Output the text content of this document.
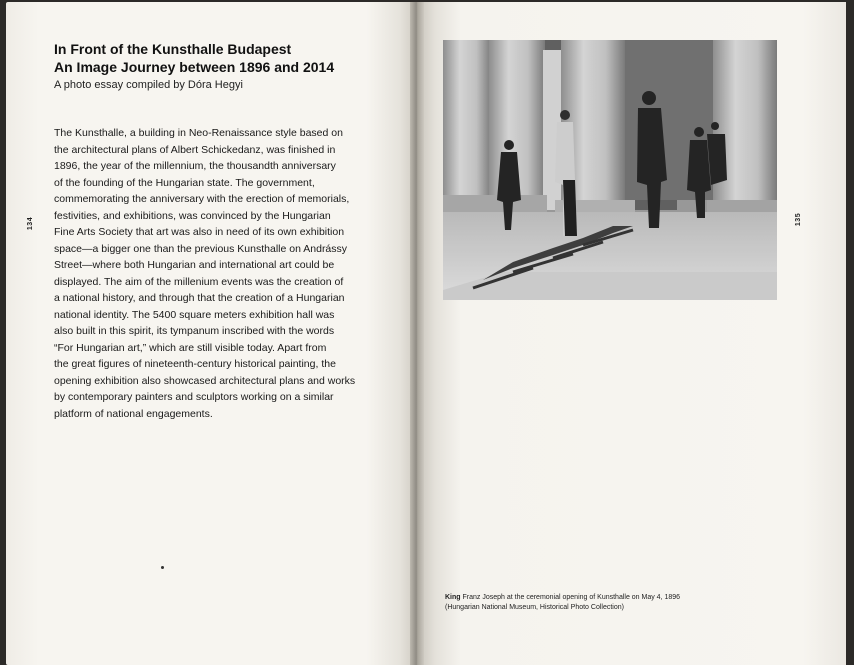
In Front of the Kunsthalle Budapest
An Image Journey between 1896 and 2014
A photo essay compiled by Dóra Hegyi
The Kunsthalle, a building in Neo-Renaissance style based on
the architectural plans of Albert Schickedanz, was finished in
1896, the year of the millennium, the thousandth anniversary
of the founding of the Hungarian state. The government,
commemorating the anniversary with the erection of memorials,
festivities, and exhibitions, was convinced by the Hungarian
Fine Arts Society that art was also in need of its own exhibition
space—a bigger one than the previous Kunsthalle on Andrássy
Street—where both Hungarian and international art could be
displayed. The aim of the millenium events was the creation of
a national history, and through that the creation of a Hungarian
national identity. The 5400 square meters exhibition hall was
also built in this spirit, its tympanum inscribed with the words
“For Hungarian art,” which are still visible today. Apart from
the great figures of nineteenth-century historical painting, the
opening exhibition also showcased architectural plans and works
by contemporary painters and sculptors working on a similar
platform of national engagements.
134	135
King Franz Joseph at the ceremonial opening of Kunsthalle on May 4, 1896
(Hungarian National Museum, Historical Photo Collection)
